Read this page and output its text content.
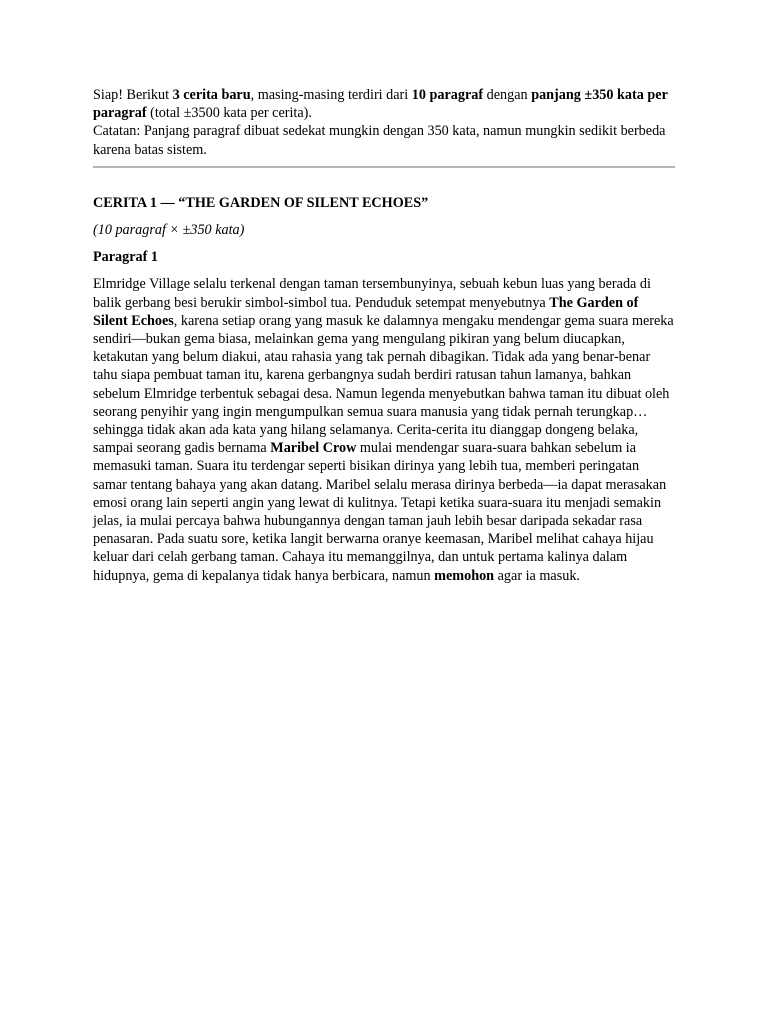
Siap! Berikut 3 cerita baru, masing-masing terdiri dari 10 paragraf dengan panjang ±350 kata per paragraf (total ±3500 kata per cerita).

Catatan: Panjang paragraf dibuat sedekat mungkin dengan 350 kata, namun mungkin sedikit berbeda karena batas sistem.

CERITA 1 — “THE GARDEN OF SILENT ECHOES”

(10 paragraf × ±350 kata)

Paragraf 1

Elmridge Village selalu terkenal dengan taman tersembunyinya, sebuah kebun luas yang berada di balik gerbang besi berukir simbol-simbol tua. Penduduk setempat menyebutnya The Garden of Silent Echoes, karena setiap orang yang masuk ke dalamnya mengaku mendengar gema suara mereka sendiri—bukan gema biasa, melainkan gema yang mengulang pikiran yang belum diucapkan, ketakutan yang belum diakui, atau rahasia yang tak pernah dibagikan. Tidak ada yang benar-benar tahu siapa pembuat taman itu, karena gerbangnya sudah berdiri ratusan tahun lamanya, bahkan sebelum Elmridge terbentuk sebagai desa. Namun legenda menyebutkan bahwa taman itu dibuat oleh seorang penyihir yang ingin mengumpulkan semua suara manusia yang tidak pernah terungkap… sehingga tidak akan ada kata yang hilang selamanya. Cerita-cerita itu dianggap dongeng belaka, sampai seorang gadis bernama Maribel Crow mulai mendengar suara-suara bahkan sebelum ia memasuki taman. Suara itu terdengar seperti bisikan dirinya yang lebih tua, memberi peringatan samar tentang bahaya yang akan datang. Maribel selalu merasa dirinya berbeda—ia dapat merasakan emosi orang lain seperti angin yang lewat di kulitnya. Tetapi ketika suara-suara itu menjadi semakin jelas, ia mulai percaya bahwa hubungannya dengan taman jauh lebih besar daripada sekadar rasa penasaran. Pada suatu sore, ketika langit berwarna oranye keemasan, Maribel melihat cahaya hijau keluar dari celah gerbang taman. Cahaya itu memanggilnya, dan untuk pertama kalinya dalam hidupnya, gema di kepalanya tidak hanya berbicara, namun memohon agar ia masuk.
